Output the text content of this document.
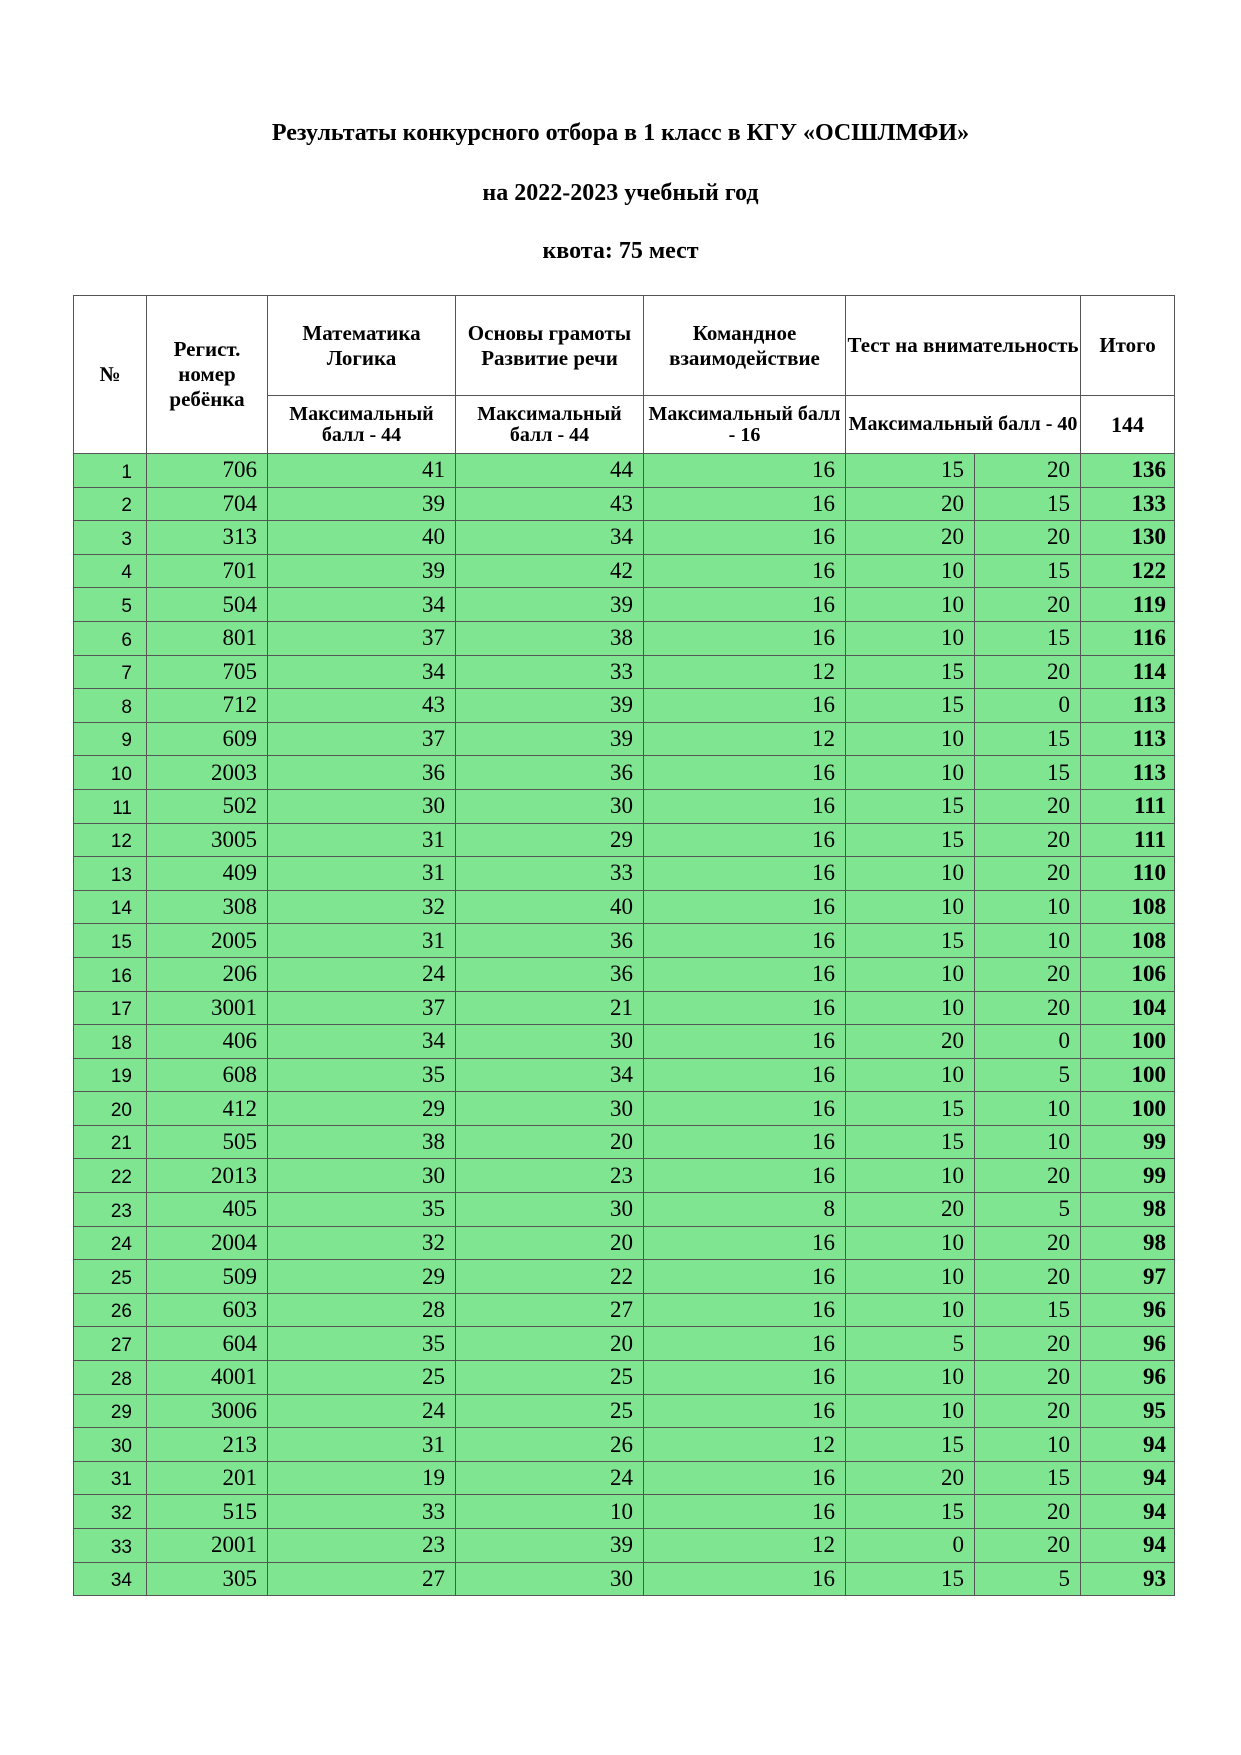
Результаты конкурсного отбора в 1 класс в КГУ «ОСШЛМФИ»
на 2022-2023 учебный год
квота: 75 мест
№	Регист. номер ребёнка	Математика Логика	Основы грамоты Развитие речи	Командное взаимодействие	Тест на внимательность		Итого
		Максимальный балл - 44	Максимальный балл - 44	Максимальный балл - 16	Максимальный балл - 40		144
1	706	41	44	16	15	20	136
2	704	39	43	16	20	15	133
3	313	40	34	16	20	20	130
4	701	39	42	16	10	15	122
5	504	34	39	16	10	20	119
6	801	37	38	16	10	15	116
7	705	34	33	12	15	20	114
8	712	43	39	16	15	0	113
9	609	37	39	12	10	15	113
10	2003	36	36	16	10	15	113
11	502	30	30	16	15	20	111
12	3005	31	29	16	15	20	111
13	409	31	33	16	10	20	110
14	308	32	40	16	10	10	108
15	2005	31	36	16	15	10	108
16	206	24	36	16	10	20	106
17	3001	37	21	16	10	20	104
18	406	34	30	16	20	0	100
19	608	35	34	16	10	5	100
20	412	29	30	16	15	10	100
21	505	38	20	16	15	10	99
22	2013	30	23	16	10	20	99
23	405	35	30	8	20	5	98
24	2004	32	20	16	10	20	98
25	509	29	22	16	10	20	97
26	603	28	27	16	10	15	96
27	604	35	20	16	5	20	96
28	4001	25	25	16	10	20	96
29	3006	24	25	16	10	20	95
30	213	31	26	12	15	10	94
31	201	19	24	16	20	15	94
32	515	33	10	16	15	20	94
33	2001	23	39	12	0	20	94
34	305	27	30	16	15	5	93
